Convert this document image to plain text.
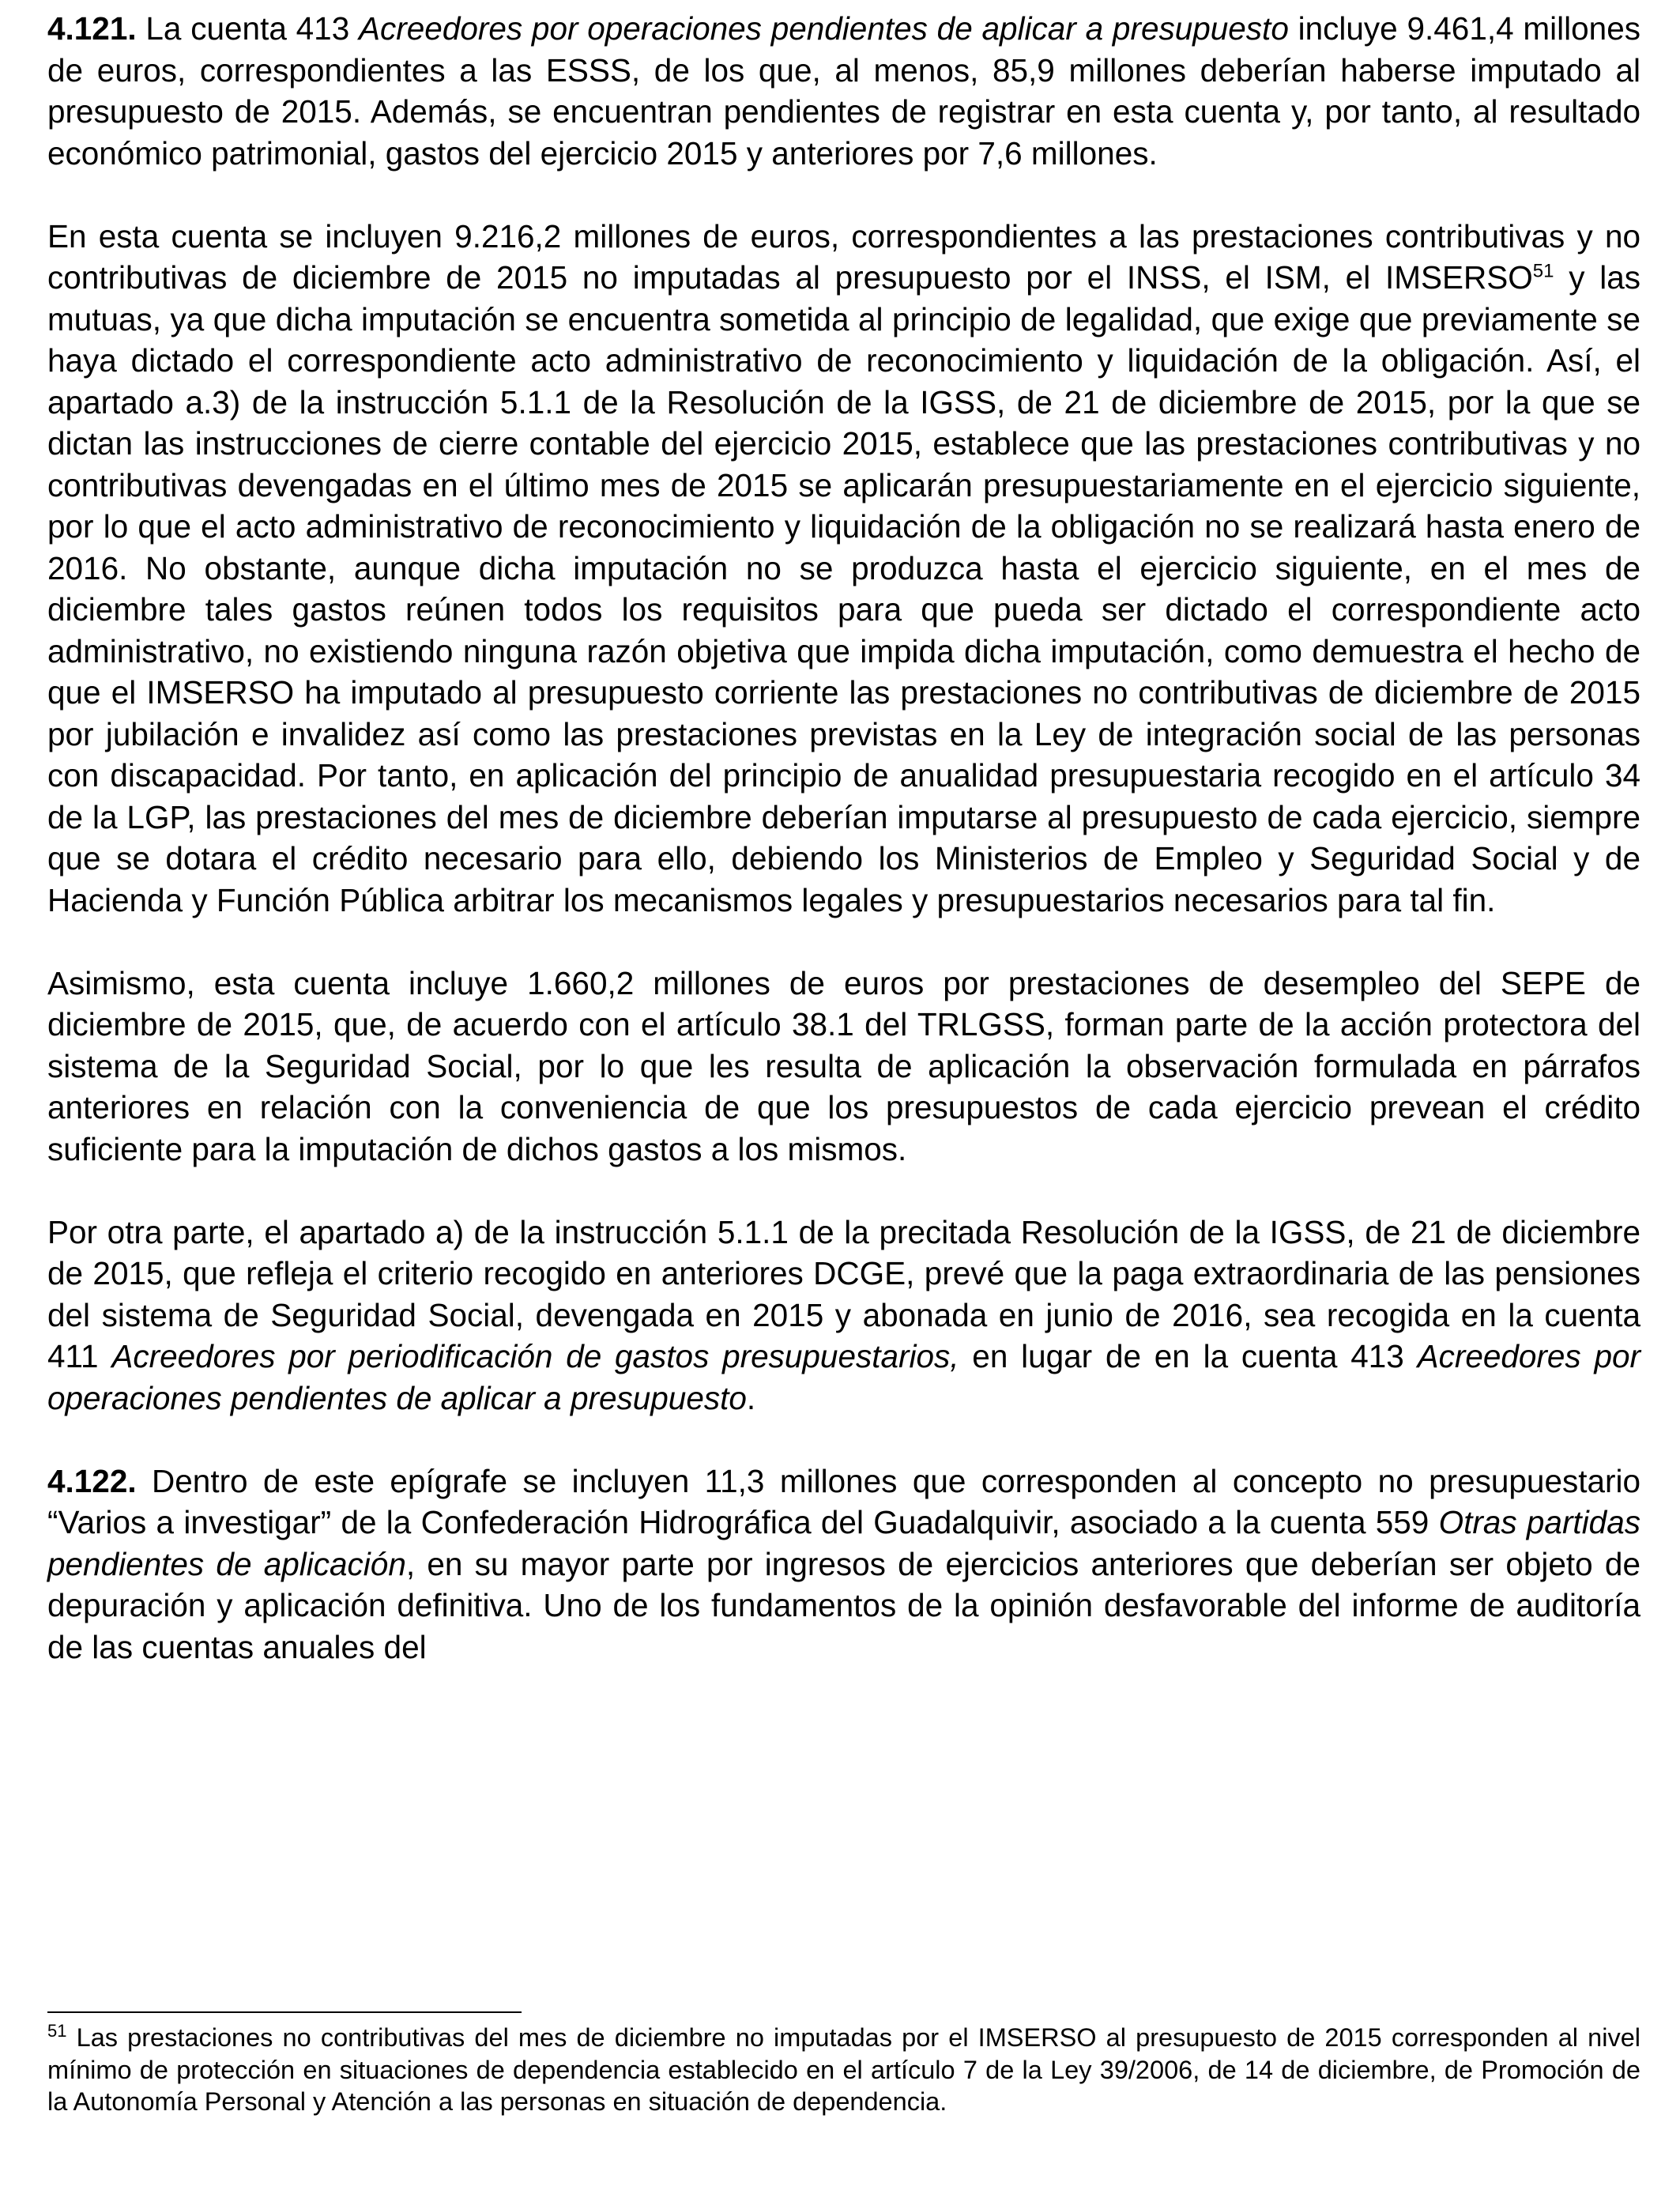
4.121. La cuenta 413 Acreedores por operaciones pendientes de aplicar a presupuesto incluye 9.461,4 millones de euros, correspondientes a las ESSS, de los que, al menos, 85,9 millones deberían haberse imputado al presupuesto de 2015. Además, se encuentran pendientes de registrar en esta cuenta y, por tanto, al resultado económico patrimonial, gastos del ejercicio 2015 y anteriores por 7,6 millones.

En esta cuenta se incluyen 9.216,2 millones de euros, correspondientes a las prestaciones contributivas y no contributivas de diciembre de 2015 no imputadas al presupuesto por el INSS, el ISM, el IMSERSO$^{51}$ y las mutuas, ya que dicha imputación se encuentra sometida al principio de legalidad, que exige que previamente se haya dictado el correspondiente acto administrativo de reconocimiento y liquidación de la obligación. Así, el apartado a.3) de la instrucción 5.1.1 de la Resolución de la IGSS, de 21 de diciembre de 2015, por la que se dictan las instrucciones de cierre contable del ejercicio 2015, establece que las prestaciones contributivas y no contributivas devengadas en el último mes de 2015 se aplicarán presupuestariamente en el ejercicio siguiente, por lo que el acto administrativo de reconocimiento y liquidación de la obligación no se realizará hasta enero de 2016. No obstante, aunque dicha imputación no se produzca hasta el ejercicio siguiente, en el mes de diciembre tales gastos reúnen todos los requisitos para que pueda ser dictado el correspondiente acto administrativo, no existiendo ninguna razón objetiva que impida dicha imputación, como demuestra el hecho de que el IMSERSO ha imputado al presupuesto corriente las prestaciones no contributivas de diciembre de 2015 por jubilación e invalidez así como las prestaciones previstas en la Ley de integración social de las personas con discapacidad. Por tanto, en aplicación del principio de anualidad presupuestaria recogido en el artículo 34 de la LGP, las prestaciones del mes de diciembre deberían imputarse al presupuesto de cada ejercicio, siempre que se dotara el crédito necesario para ello, debiendo los Ministerios de Empleo y Seguridad Social y de Hacienda y Función Pública arbitrar los mecanismos legales y presupuestarios necesarios para tal fin.

Asimismo, esta cuenta incluye 1.660,2 millones de euros por prestaciones de desempleo del SEPE de diciembre de 2015, que, de acuerdo con el artículo 38.1 del TRLGSS, forman parte de la acción protectora del sistema de la Seguridad Social, por lo que les resulta de aplicación la observación formulada en párrafos anteriores en relación con la conveniencia de que los presupuestos de cada ejercicio prevean el crédito suficiente para la imputación de dichos gastos a los mismos.

Por otra parte, el apartado a) de la instrucción 5.1.1 de la precitada Resolución de la IGSS, de 21 de diciembre de 2015, que refleja el criterio recogido en anteriores DCGE, prevé que la paga extraordinaria de las pensiones del sistema de Seguridad Social, devengada en 2015 y abonada en junio de 2016, sea recogida en la cuenta 411 Acreedores por periodificación de gastos presupuestarios, en lugar de en la cuenta 413 Acreedores por operaciones pendientes de aplicar a presupuesto.

4.122. Dentro de este epígrafe se incluyen 11,3 millones que corresponden al concepto no presupuestario “Varios a investigar” de la Confederación Hidrográfica del Guadalquivir, asociado a la cuenta 559 Otras partidas pendientes de aplicación, en su mayor parte por ingresos de ejercicios anteriores que deberían ser objeto de depuración y aplicación definitiva. Uno de los fundamentos de la opinión desfavorable del informe de auditoría de las cuentas anuales del

$^{51}$ Las prestaciones no contributivas del mes de diciembre no imputadas por el IMSERSO al presupuesto de 2015 corresponden al nivel mínimo de protección en situaciones de dependencia establecido en el artículo 7 de la Ley 39/2006, de 14 de diciembre, de Promoción de la Autonomía Personal y Atención a las personas en situación de dependencia.
